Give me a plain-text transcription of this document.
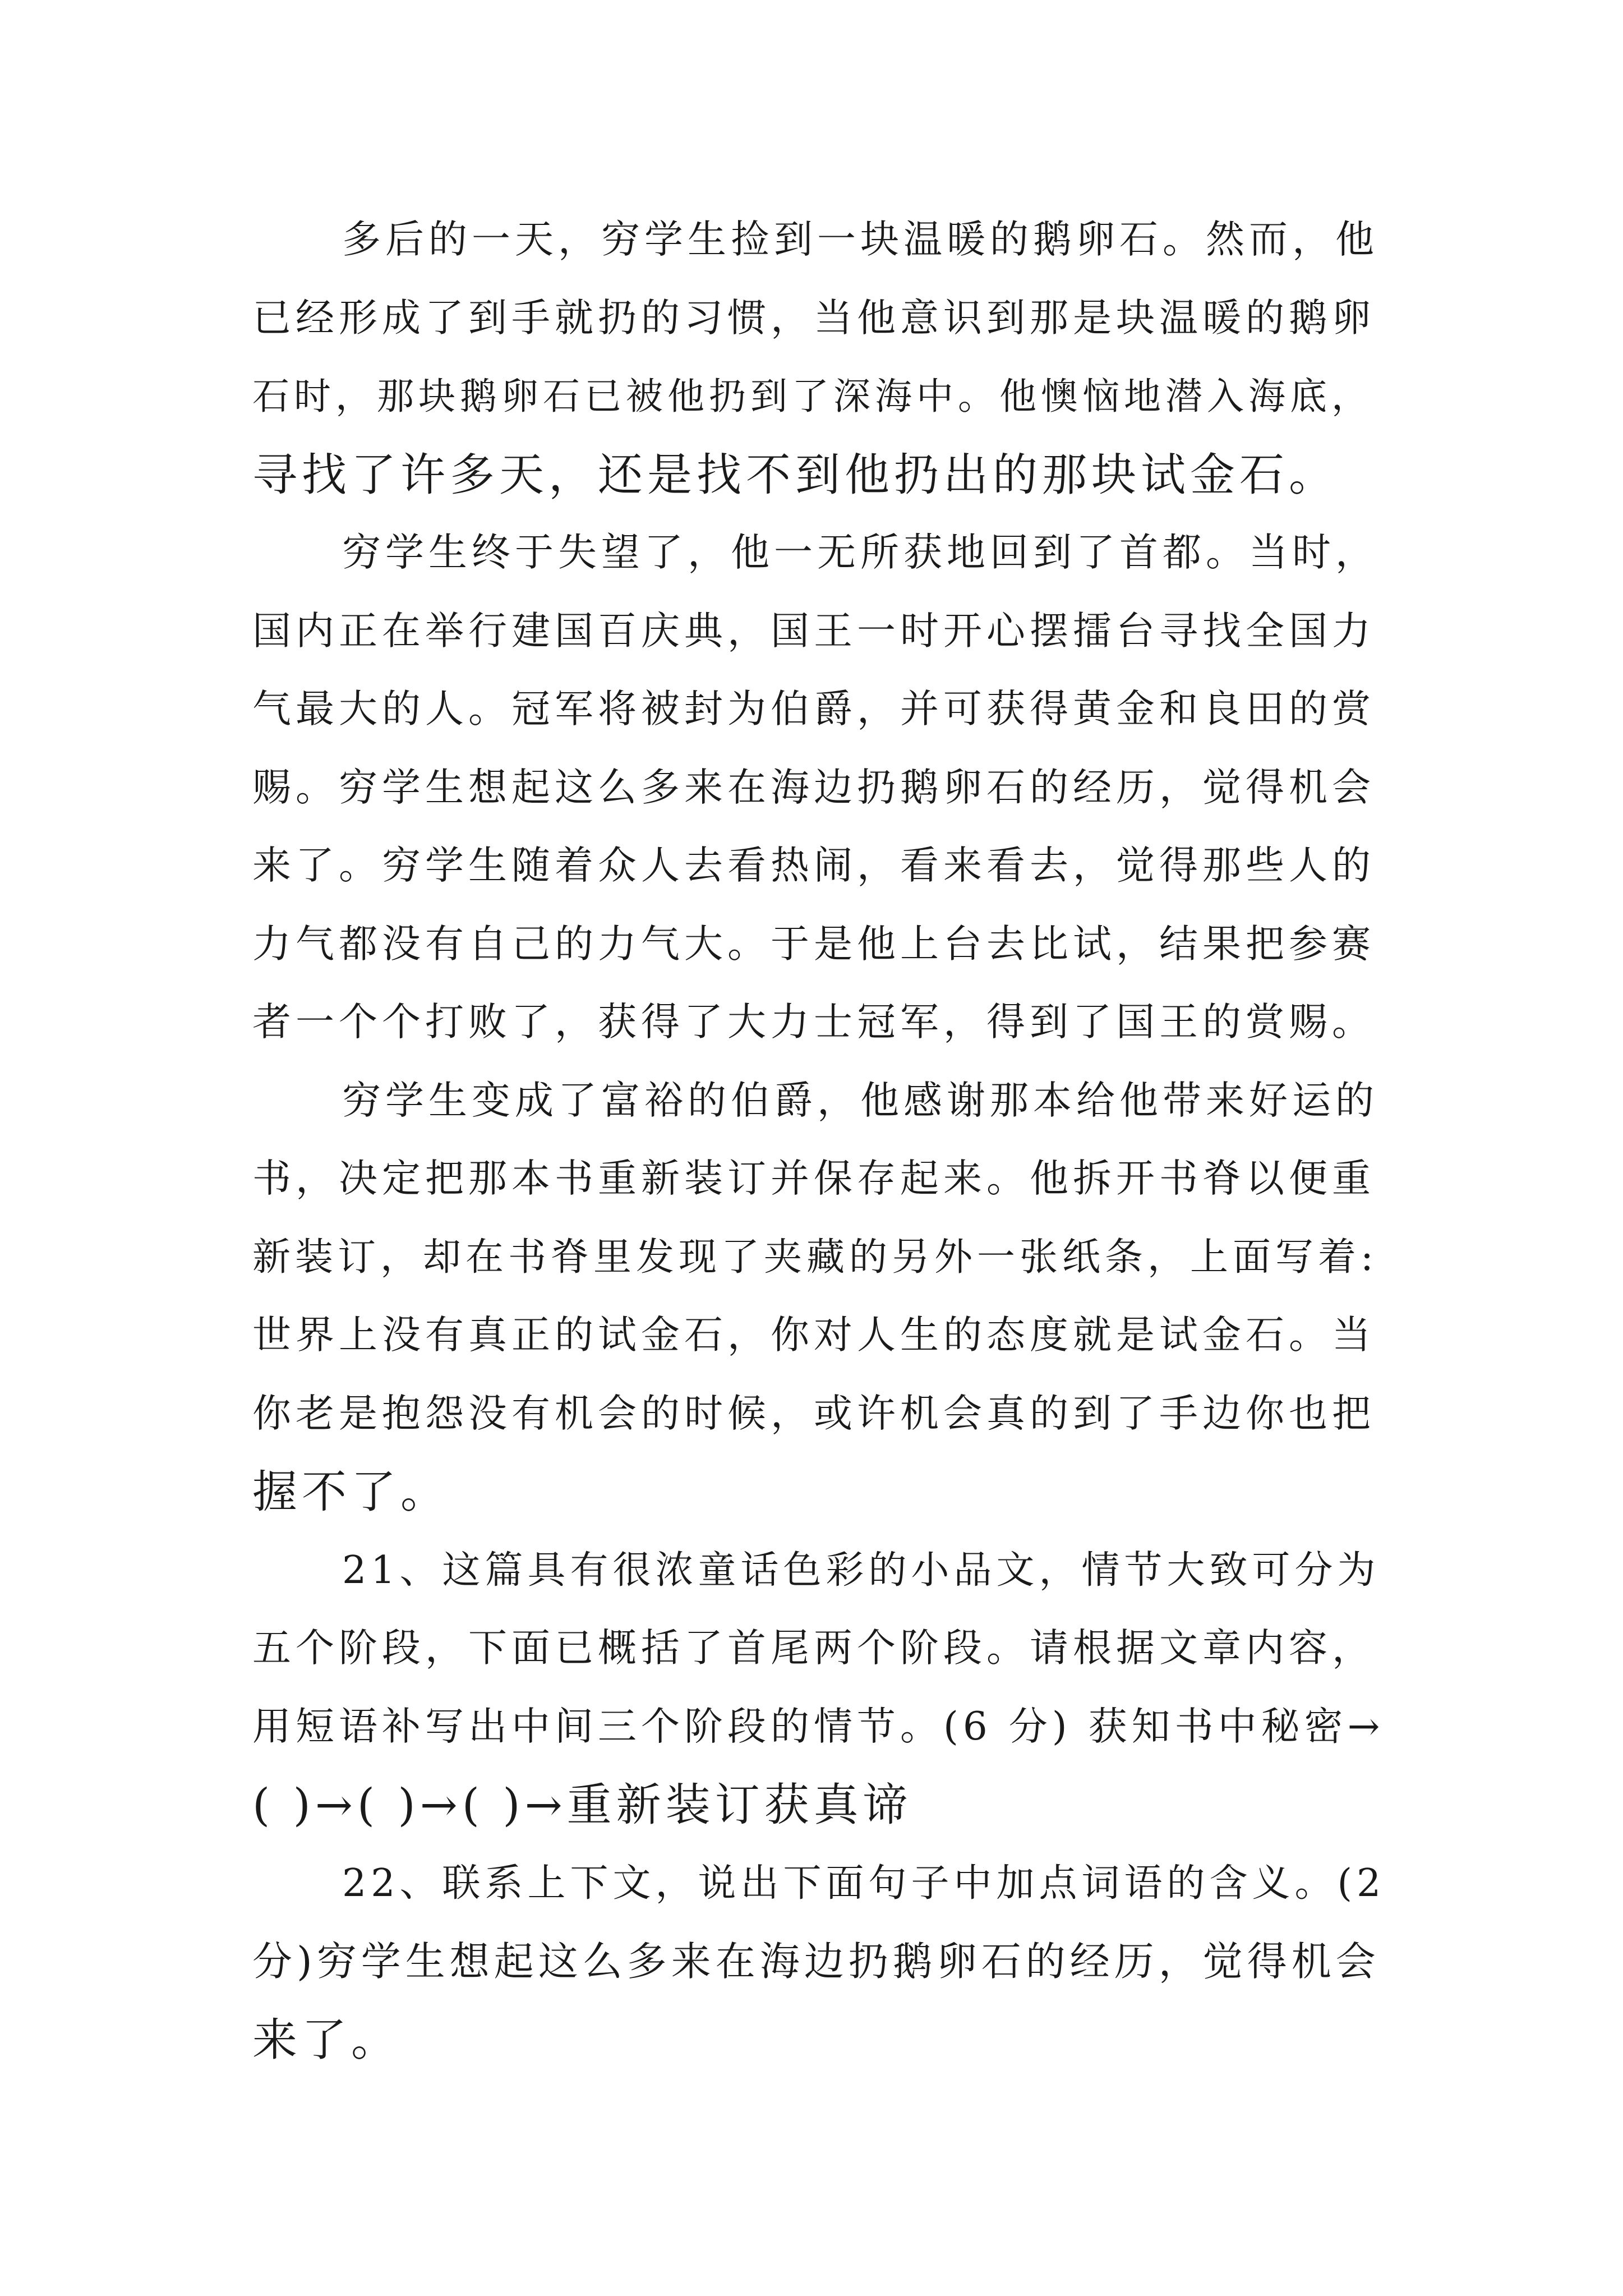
多后的一天，穷学生捡到一块温暖的鹅卵石。然而，他
已经形成了到手就扔的习惯，当他意识到那是块温暖的鹅卵
石时，那块鹅卵石已被他扔到了深海中。他懊恼地潜入海底，
寻找了许多天，还是找不到他扔出的那块试金石。
穷学生终于失望了，他一无所获地回到了首都。当时，
国内正在举行建国百庆典，国王一时开心摆擂台寻找全国力
气最大的人。冠军将被封为伯爵，并可获得黄金和良田的赏
赐。穷学生想起这么多来在海边扔鹅卵石的经历，觉得机会
来了。穷学生随着众人去看热闹，看来看去，觉得那些人的
力气都没有自己的力气大。于是他上台去比试，结果把参赛
者一个个打败了，获得了大力士冠军，得到了国王的赏赐。
穷学生变成了富裕的伯爵，他感谢那本给他带来好运的
书，决定把那本书重新装订并保存起来。他拆开书脊以便重
新装订，却在书脊里发现了夹藏的另外一张纸条，上面写着:
世界上没有真正的试金石，你对人生的态度就是试金石。当
你老是抱怨没有机会的时候，或许机会真的到了手边你也把
握不了。
21、这篇具有很浓童话色彩的小品文，情节大致可分为
五个阶段，下面已概括了首尾两个阶段。请根据文章内容，
用短语补写出中间三个阶段的情节。(6 分) 获知书中秘密→
( )→( )→( )→重新装订获真谛
22、联系上下文，说出下面句子中加点词语的含义。(2
分)穷学生想起这么多来在海边扔鹅卵石的经历，觉得机会
来了。
